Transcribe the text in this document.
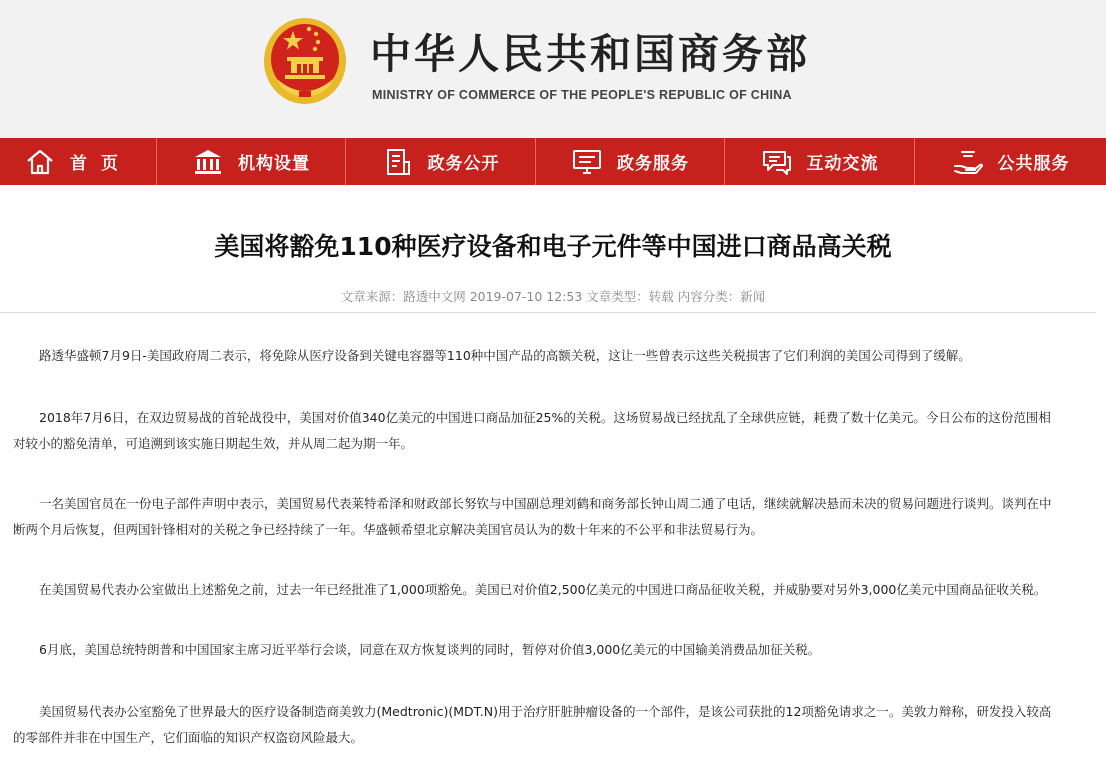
中华人民共和国商务部
MINISTRY OF COMMERCE OF THE PEOPLE'S REPUBLIC OF CHINA
首页	机构设置	政务公开	政务服务	互动交流	公共服务
美国将豁免110种医疗设备和电子元件等中国进口商品高关税
文章来源：路透中文网 2019-07-10 12:53 文章类型：转载 内容分类：新闻

路透华盛顿7月9日-美国政府周二表示，将免除从医疗设备到关键电容器等110种中国产品的高额关税，这让一些曾表示这些关税损害了它们利润的美国公司得到了缓解。

2018年7月6日，在双边贸易战的首轮战役中，美国对价值340亿美元的中国进口商品加征25%的关税。这场贸易战已经扰乱了全球供应链，耗费了数十亿美元。今日公布的这份范围相对较小的豁免清单，可追溯到该实施日期起生效，并从周二起为期一年。

一名美国官员在一份电子部件声明中表示，美国贸易代表莱特希泽和财政部长努钦与中国副总理刘鹤和商务部长钟山周二通了电话，继续就解决悬而未决的贸易问题进行谈判。谈判在中断两个月后恢复，但两国针锋相对的关税之争已经持续了一年。华盛顿希望北京解决美国官员认为的数十年来的不公平和非法贸易行为。

在美国贸易代表办公室做出上述豁免之前，过去一年已经批准了1,000项豁免。美国已对价值2,500亿美元的中国进口商品征收关税，并威胁要对另外3,000亿美元中国商品征收关税。

6月底，美国总统特朗普和中国国家主席习近平举行会谈，同意在双方恢复谈判的同时，暂停对价值3,000亿美元的中国输美消费品加征关税。

美国贸易代表办公室豁免了世界最大的医疗设备制造商美敦力(Medtronic)(MDT.N)用于治疗肝脏肿瘤设备的一个部件，是该公司获批的12项豁免请求之一。美敦力辩称，研发投入较高的零部件并非在中国生产，它们面临的知识产权盗窃风险最大。
